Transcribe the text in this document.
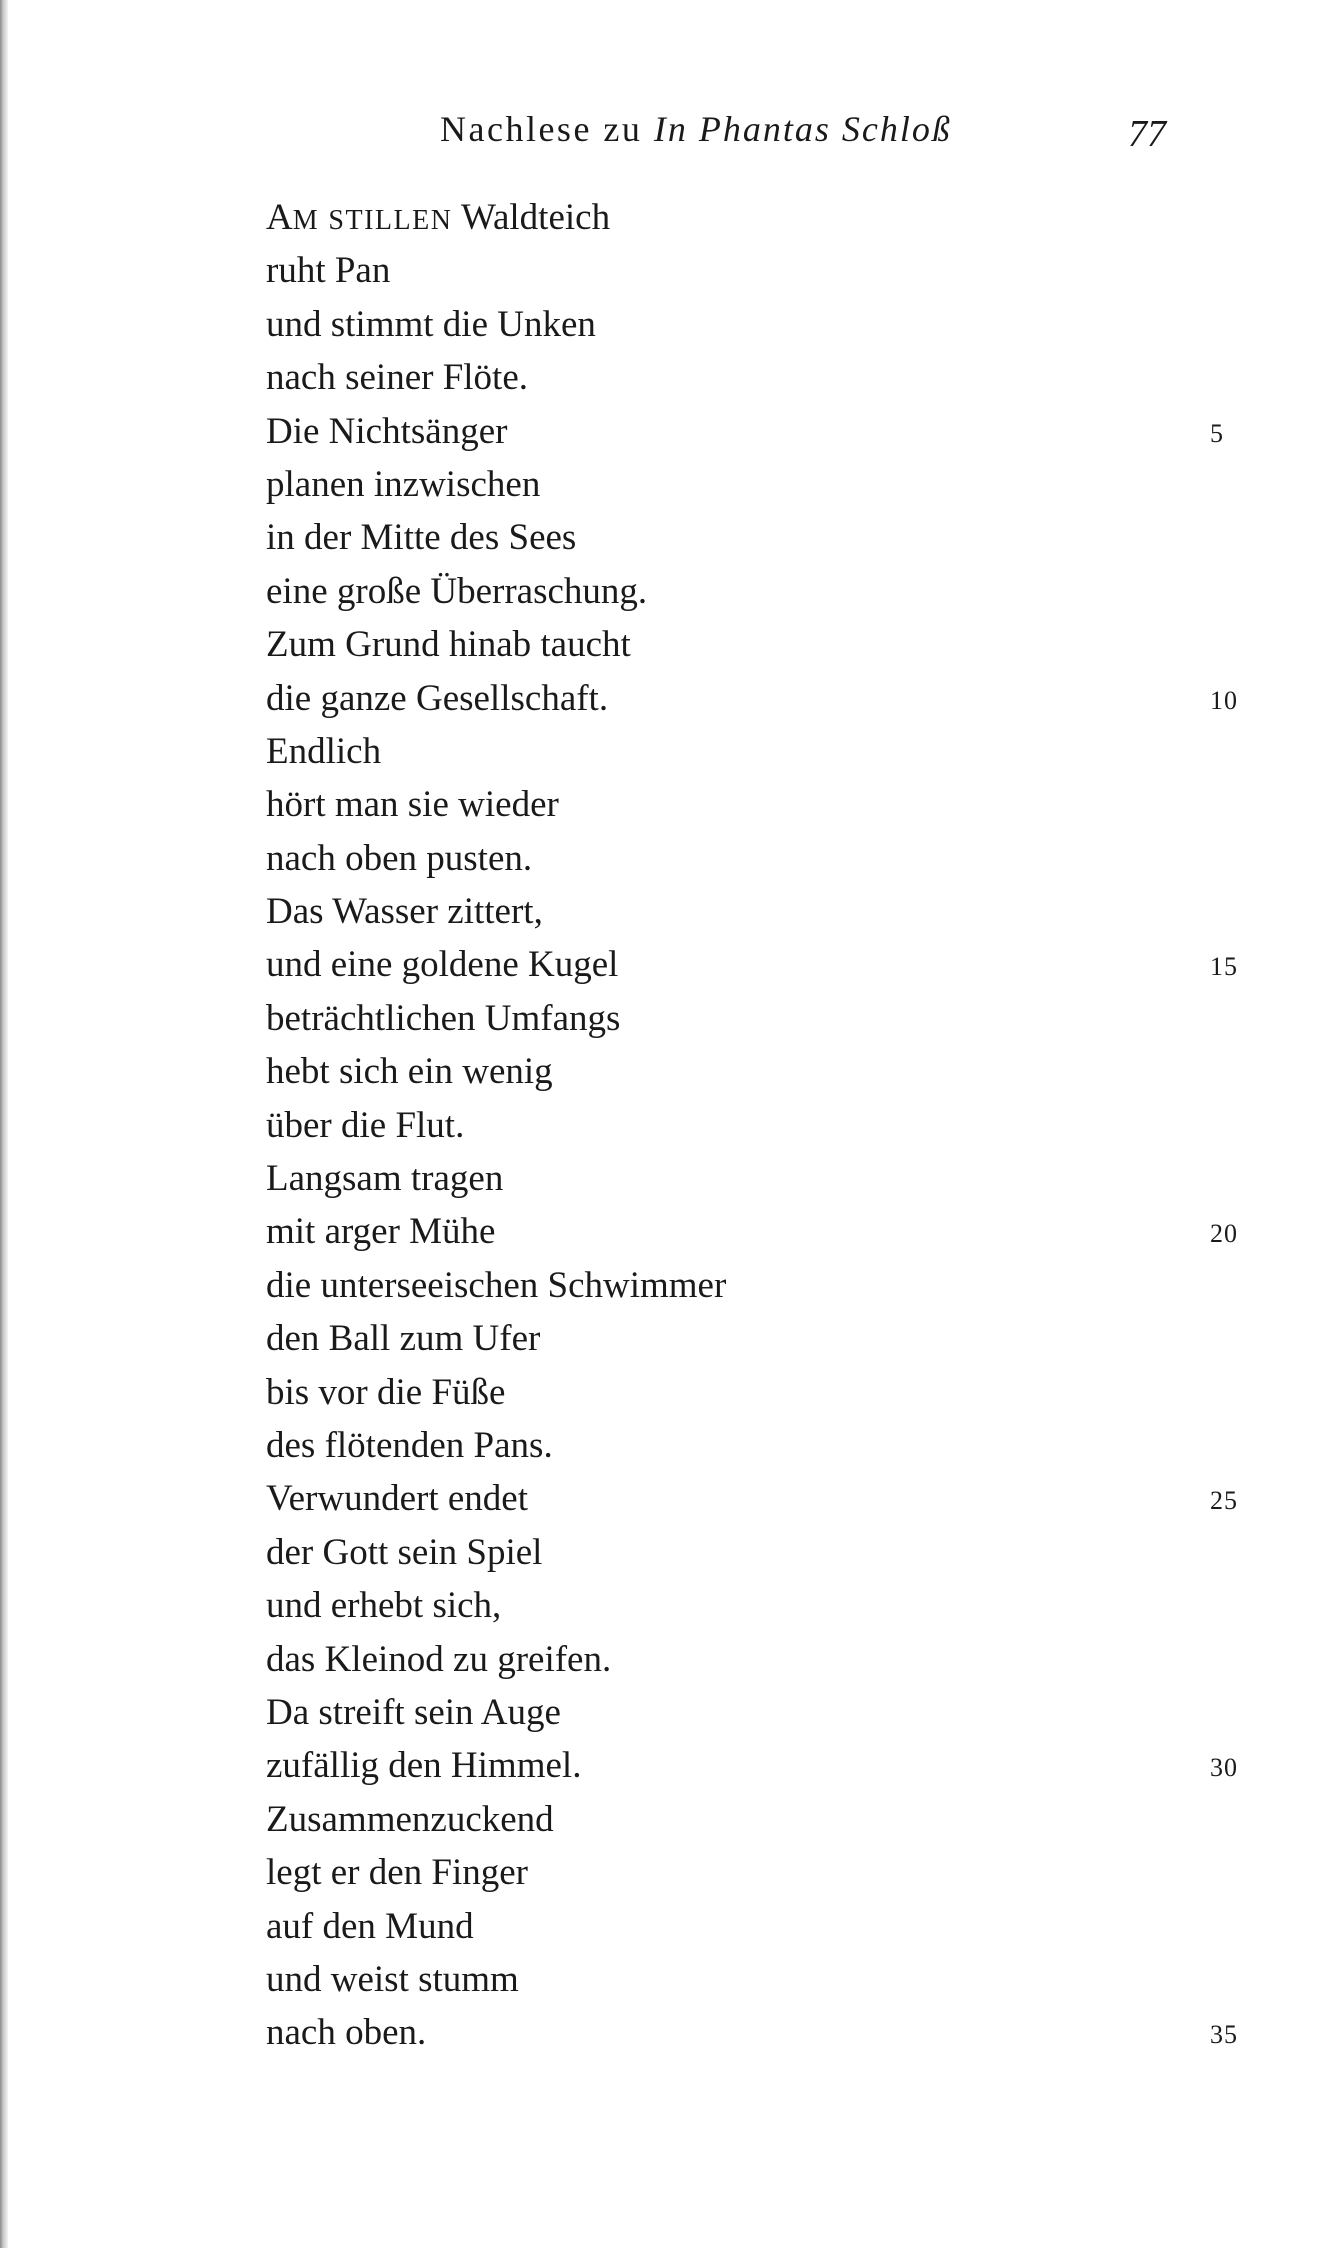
Nachlese zu In Phantas Schloß	77
AM STILLEN Waldteich
ruht Pan
und stimmt die Unken
nach seiner Flöte.
Die Nichtsänger	5
planen inzwischen
in der Mitte des Sees
eine große Überraschung.
Zum Grund hinab taucht
die ganze Gesellschaft.	10
Endlich
hört man sie wieder
nach oben pusten.
Das Wasser zittert,
und eine goldene Kugel	15
beträchtlichen Umfangs
hebt sich ein wenig
über die Flut.
Langsam tragen
mit arger Mühe	20
die unterseeischen Schwimmer
den Ball zum Ufer
bis vor die Füße
des flötenden Pans.
Verwundert endet	25
der Gott sein Spiel
und erhebt sich,
das Kleinod zu greifen.
Da streift sein Auge
zufällig den Himmel.	30
Zusammenzuckend
legt er den Finger
auf den Mund
und weist stumm
nach oben.	35
